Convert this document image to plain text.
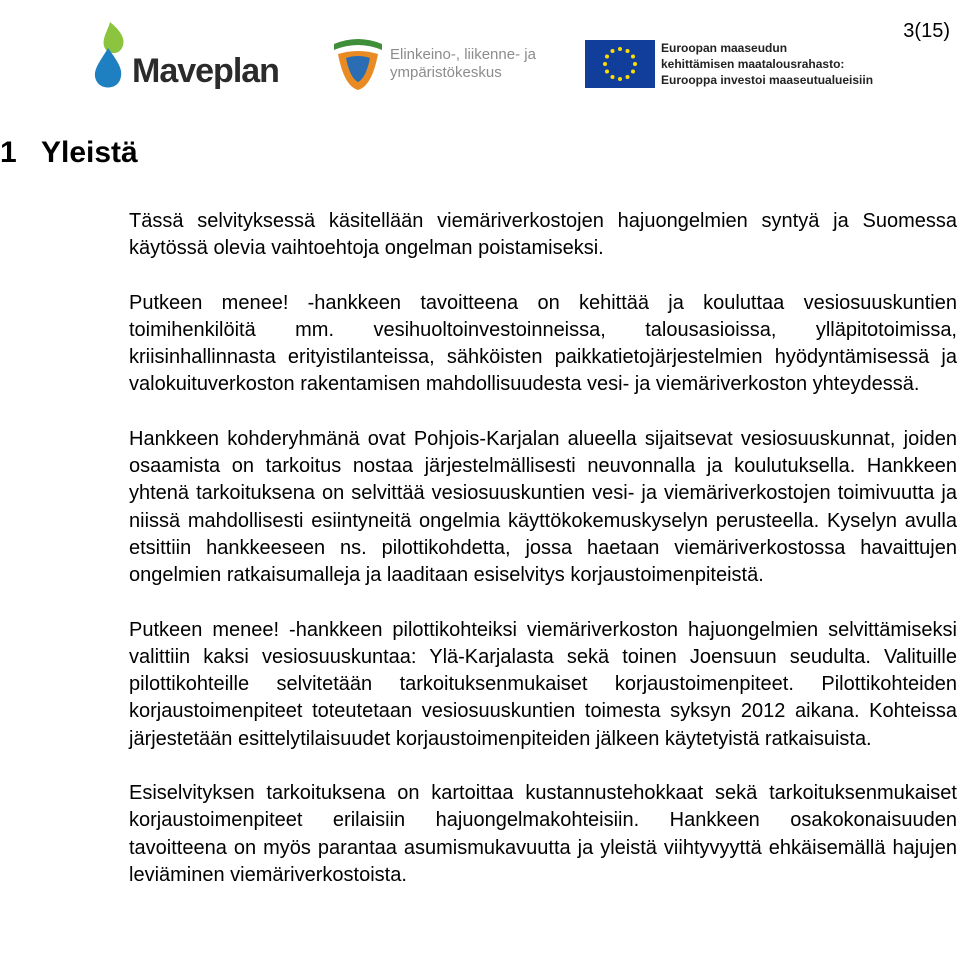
Maveplan	Elinkeino-, liikenne- ja
ympäristökeskus
Euroopan maaseudun
kehittämisen maatalousrahasto:
Eurooppa investoi maaseutualueisiin
3(15)
1 Yleistä

Tässä selvityksessä käsitellään viemäriverkostojen hajuongelmien syntyä ja Suomessa käytössä olevia vaihtoehtoja ongelman poistamiseksi.

Putkeen menee! -hankkeen tavoitteena on kehittää ja kouluttaa vesiosuuskuntien toimihenkilöitä mm. vesihuoltoinvestoinneissa, talousasioissa, ylläpitotoimissa, kriisinhallinnasta erityistilanteissa, sähköisten paikkatietojärjestelmien hyödyntämisessä ja valokuituverkoston rakentamisen mahdollisuudesta vesi- ja viemäriverkoston yhteydessä.

Hankkeen kohderyhmänä ovat Pohjois-Karjalan alueella sijaitsevat vesiosuuskunnat, joiden osaamista on tarkoitus nostaa järjestelmällisesti neuvonnalla ja koulutuksella. Hankkeen yhtenä tarkoituksena on selvittää vesiosuuskuntien vesi- ja viemäriverkostojen toimivuutta ja niissä mahdollisesti esiintyneitä ongelmia käyttökokemuskyselyn perusteella. Kyselyn avulla etsittiin hankkeeseen ns. pilottikohdetta, jossa haetaan viemäriverkostossa havaittujen ongelmien ratkaisumalleja ja laaditaan esiselvitys korjaustoimenpiteistä.

Putkeen menee! -hankkeen pilottikohteiksi viemäriverkoston hajuongelmien selvittämiseksi valittiin kaksi vesiosuuskuntaa: Ylä-Karjalasta sekä toinen Joensuun seudulta. Valituille pilottikohteille selvitetään tarkoituksenmukaiset korjaustoimenpiteet. Pilottikohteiden korjaustoimenpiteet toteutetaan vesiosuuskuntien toimesta syksyn 2012 aikana. Kohteissa järjestetään esittelytilaisuudet korjaustoimenpiteiden jälkeen käytetyistä ratkaisuista.

Esiselvityksen tarkoituksena on kartoittaa kustannustehokkaat sekä tarkoituksenmukaiset korjaustoimenpiteet erilaisiin hajuongelmakohteisiin. Hankkeen osakokonaisuuden tavoitteena on myös parantaa asumismukavuutta ja yleistä viihtyvyyttä ehkäisemällä hajujen leviäminen viemäriverkostoista.
